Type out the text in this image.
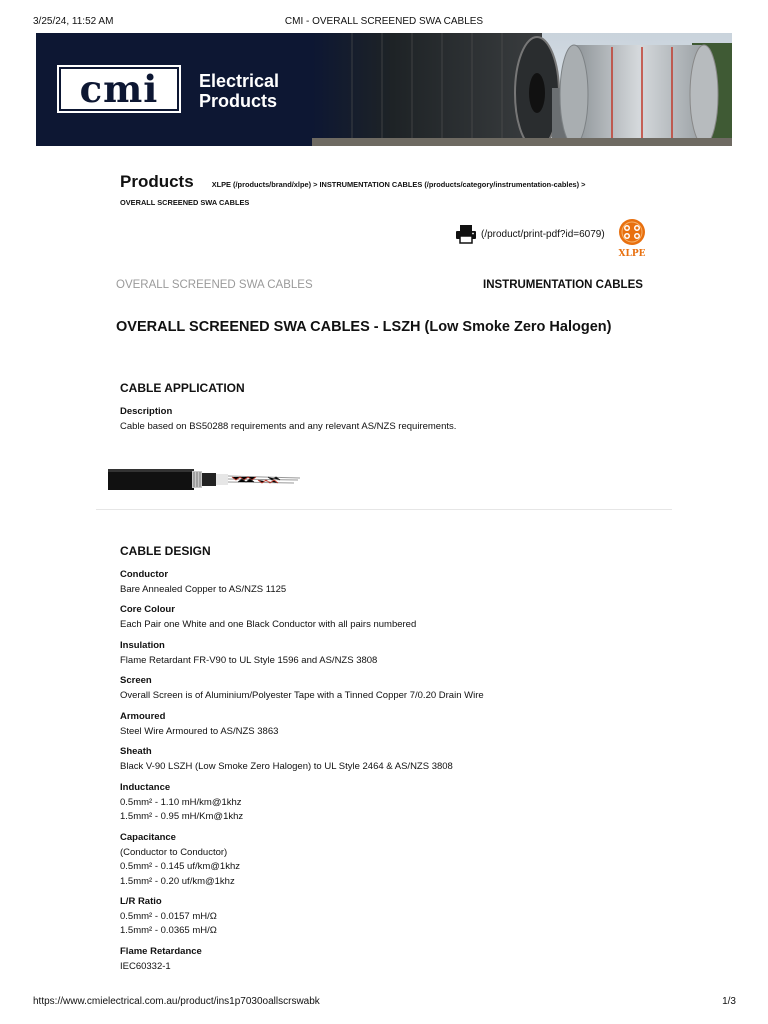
3/25/24, 11:52 AM	CMI - OVERALL SCREENED SWA CABLES
cmi	Electrical
Products
Products XLPE (/products/brand/xlpe) > INSTRUMENTATION CABLES (/products/category/instrumentation-cables) >
OVERALL SCREENED SWA CABLES
(/product/print-pdf?id=6079)
XLPE
OVERALL SCREENED SWA CABLES	INSTRUMENTATION CABLES
OVERALL SCREENED SWA CABLES - LSZH (Low Smoke Zero Halogen)
CABLE APPLICATION
Description
Cable based on BS50288 requirements and any relevant AS/NZS requirements.
CABLE DESIGN
Conductor
Bare Annealed Copper to AS/NZS 1125
Core Colour
Each Pair one White and one Black Conductor with all pairs numbered
Insulation
Flame Retardant FR-V90 to UL Style 1596 and AS/NZS 3808
Screen
Overall Screen is of Aluminium/Polyester Tape with a Tinned Copper 7/0.20 Drain Wire
Armoured
Steel Wire Armoured to AS/NZS 3863
Sheath
Black V-90 LSZH (Low Smoke Zero Halogen) to UL Style 2464 & AS/NZS 3808
Inductance
0.5mm² - 1.10 mH/km@1khz
1.5mm² - 0.95 mH/Km@1khz
Capacitance
(Conductor to Conductor)
0.5mm² - 0.145 uf/km@1khz
1.5mm² - 0.20 uf/km@1khz
L/R Ratio
0.5mm² - 0.0157 mH/Ω
1.5mm² - 0.0365 mH/Ω
Flame Retardance
IEC60332-1
https://www.cmielectrical.com.au/product/ins1p7030oallscrswabk	1/3
